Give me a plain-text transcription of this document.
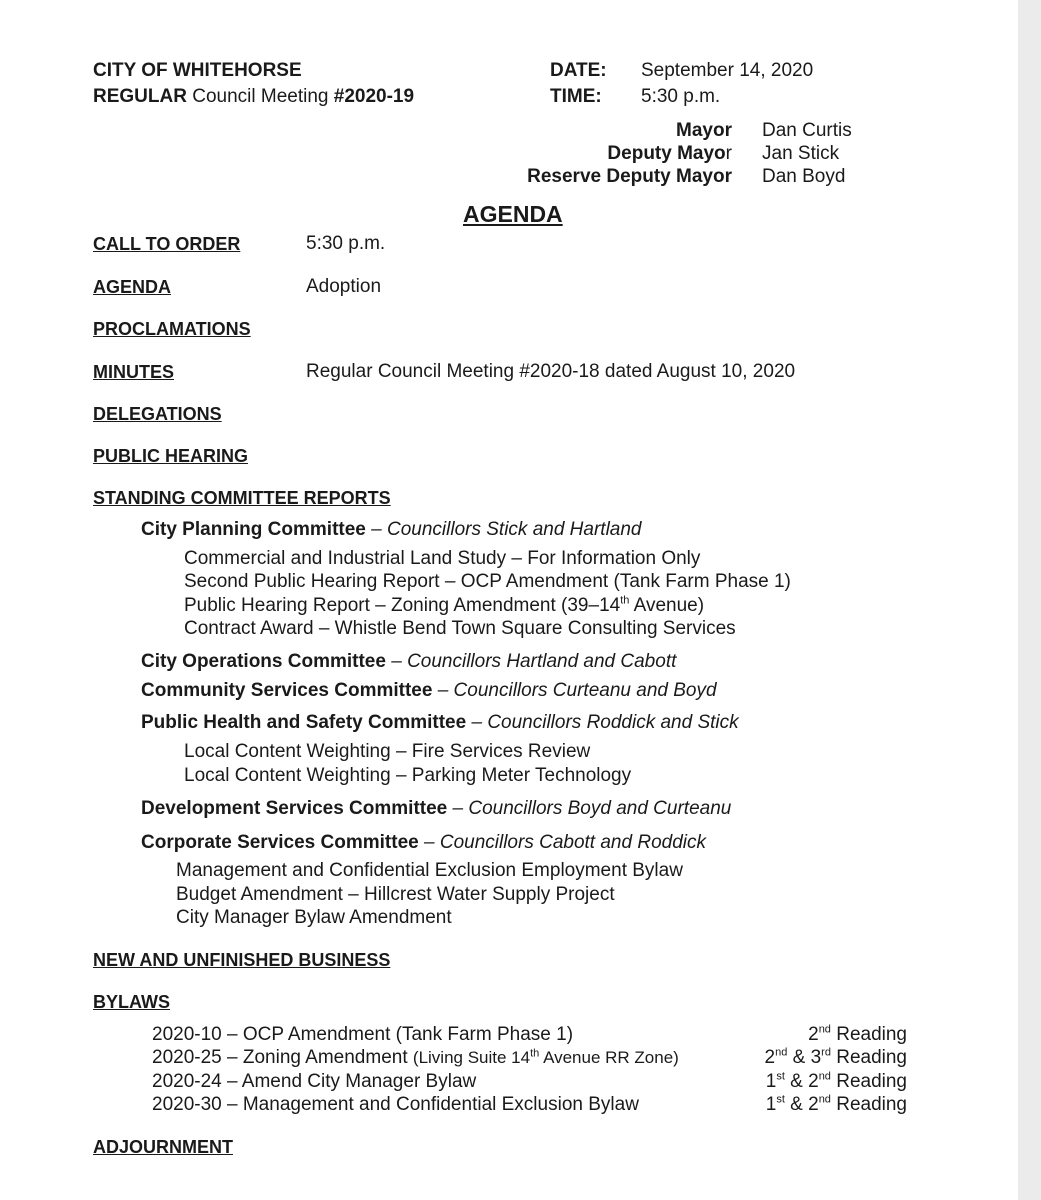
CITY OF WHITEHORSE
REGULAR Council Meeting #2020-19
DATE: September 14, 2020
TIME: 5:30 p.m.
Mayor Dan Curtis
Deputy Mayor Jan Stick
Reserve Deputy Mayor Dan Boyd
AGENDA
CALL TO ORDER	5:30 p.m.
AGENDA	Adoption
PROCLAMATIONS
MINUTES	Regular Council Meeting #2020-18 dated August 10, 2020
DELEGATIONS
PUBLIC HEARING
STANDING COMMITTEE REPORTS
City Planning Committee – Councillors Stick and Hartland
Commercial and Industrial Land Study – For Information Only
Second Public Hearing Report – OCP Amendment (Tank Farm Phase 1)
Public Hearing Report – Zoning Amendment (39–14th Avenue)
Contract Award – Whistle Bend Town Square Consulting Services
City Operations Committee – Councillors Hartland and Cabott
Community Services Committee – Councillors Curteanu and Boyd
Public Health and Safety Committee – Councillors Roddick and Stick
Local Content Weighting – Fire Services Review
Local Content Weighting – Parking Meter Technology
Development Services Committee – Councillors Boyd and Curteanu
Corporate Services Committee – Councillors Cabott and Roddick
Management and Confidential Exclusion Employment Bylaw
Budget Amendment – Hillcrest Water Supply Project
City Manager Bylaw Amendment
NEW AND UNFINISHED BUSINESS
BYLAWS
2020-10 – OCP Amendment (Tank Farm Phase 1)	2nd Reading
2020-25 – Zoning Amendment (Living Suite 14th Avenue RR Zone)	2nd & 3rd Reading
2020-24 – Amend City Manager Bylaw	1st & 2nd Reading
2020-30 – Management and Confidential Exclusion Bylaw	1st & 2nd Reading
ADJOURNMENT
